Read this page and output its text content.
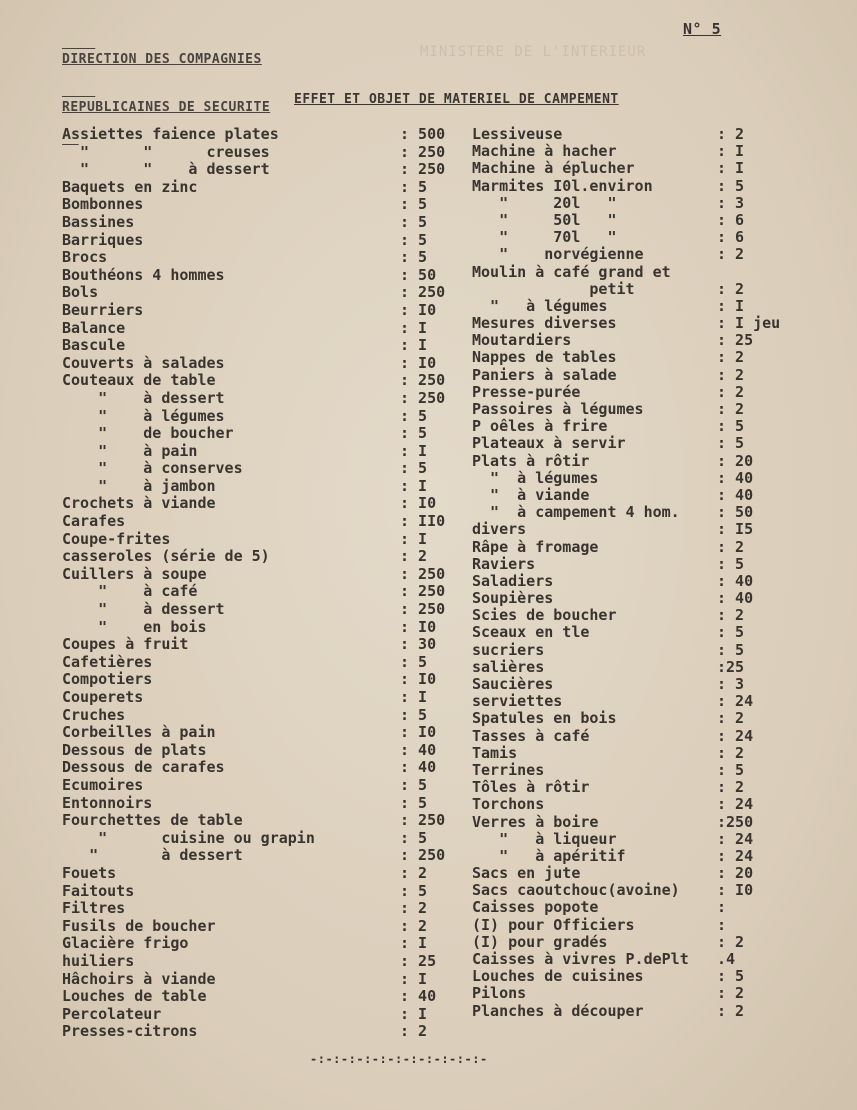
DIRECTION DES COMPAGNIES

REPUBLICAINES DE SECURITE

MINISTERE DE L'INTERIEUR
N° 5
EFFET ET OBJET DE MATERIEL DE CAMPEMENT
Assiettes faience plates	: 500
"      "      creuses	: 250
"      "    à dessert	: 250
Baquets en zinc	: 5
Bombonnes	: 5
Bassines	: 5
Barriques	: 5
Brocs	: 5
Bouthéons 4 hommes	: 50
Bols	: 250
Beurriers	: I0
Balance	: I
Bascule	: I
Couverts à salades	: I0
Couteaux de table	: 250
"    à dessert	: 250
"    à légumes	: 5
"    de boucher	: 5
"    à pain	: I
"    à conserves	: 5
"    à jambon	: I
Crochets à viande	: I0
Carafes	: II0
Coupe-frites	: I
casseroles (série de 5)	: 2
Cuillers à soupe	: 250
"    à café	: 250
"    à dessert	: 250
"    en bois	: I0
Coupes à fruit	: 30
Cafetières	: 5
Compotiers	: I0
Couperets	: I
Cruches	: 5
Corbeilles à pain	: I0
Dessous de plats	: 40
Dessous de carafes	: 40
Ecumoires	: 5
Entonnoirs	: 5
Fourchettes de table	: 250
"      cuisine ou grapin	: 5
"       à dessert	: 250
Fouets	: 2
Faitouts	: 5
Filtres	: 2
Fusils de boucher	: 2
Glacière frigo	: I
huiliers	: 25
Hâchoirs à viande	: I
Louches de table	: 40
Percolateur	: I
Presses-citrons	: 2
Lessiveuse	: 2
Machine à hacher	: I
Machine à éplucher	: I
Marmites I0l.environ	: 5
"     20l   "	: 3
"     50l   "	: 6
"     70l   "	: 6
"    norvégienne	: 2
Moulin à café grand et
petit	: 2
"   à légumes	: I
Mesures diverses	: I jeu
Moutardiers	: 25
Nappes de tables	: 2
Paniers à salade	: 2
Presse-purée	: 2
Passoires à légumes	: 2
P oêles à frire	: 5
Plateaux à servir	: 5
Plats à rôtir	: 20
"  à légumes	: 40
"  à viande	: 40
"  à campement 4 hom. : 50
divers	: I5
Râpe à fromage	: 2
Raviers	: 5
Saladiers	: 40
Soupières	: 40
Scies de boucher	: 2
Sceaux en tle	: 5
sucriers	: 5
salières	:25
Saucières	: 3
serviettes	: 24
Spatules en bois	: 2
Tasses à café	: 24
Tamis	: 2
Terrines	: 5
Tôles à rôtir	: 2
Torchons	: 24
Verres à boire	:250
"   à liqueur	: 24
"   à apéritif	: 24
Sacs en jute	: 20
Sacs caoutchouc(avoine) : I0
Caisses popote	:
(I) pour Officiers	:
(I) pour gradés	: 2
Caisses à vivres P.dePlt .4
Louches de cuisines	: 5
Pilons	: 2
Planches à découper	: 2
-:-:-:-:-:-:-:-:-:-:-:-
